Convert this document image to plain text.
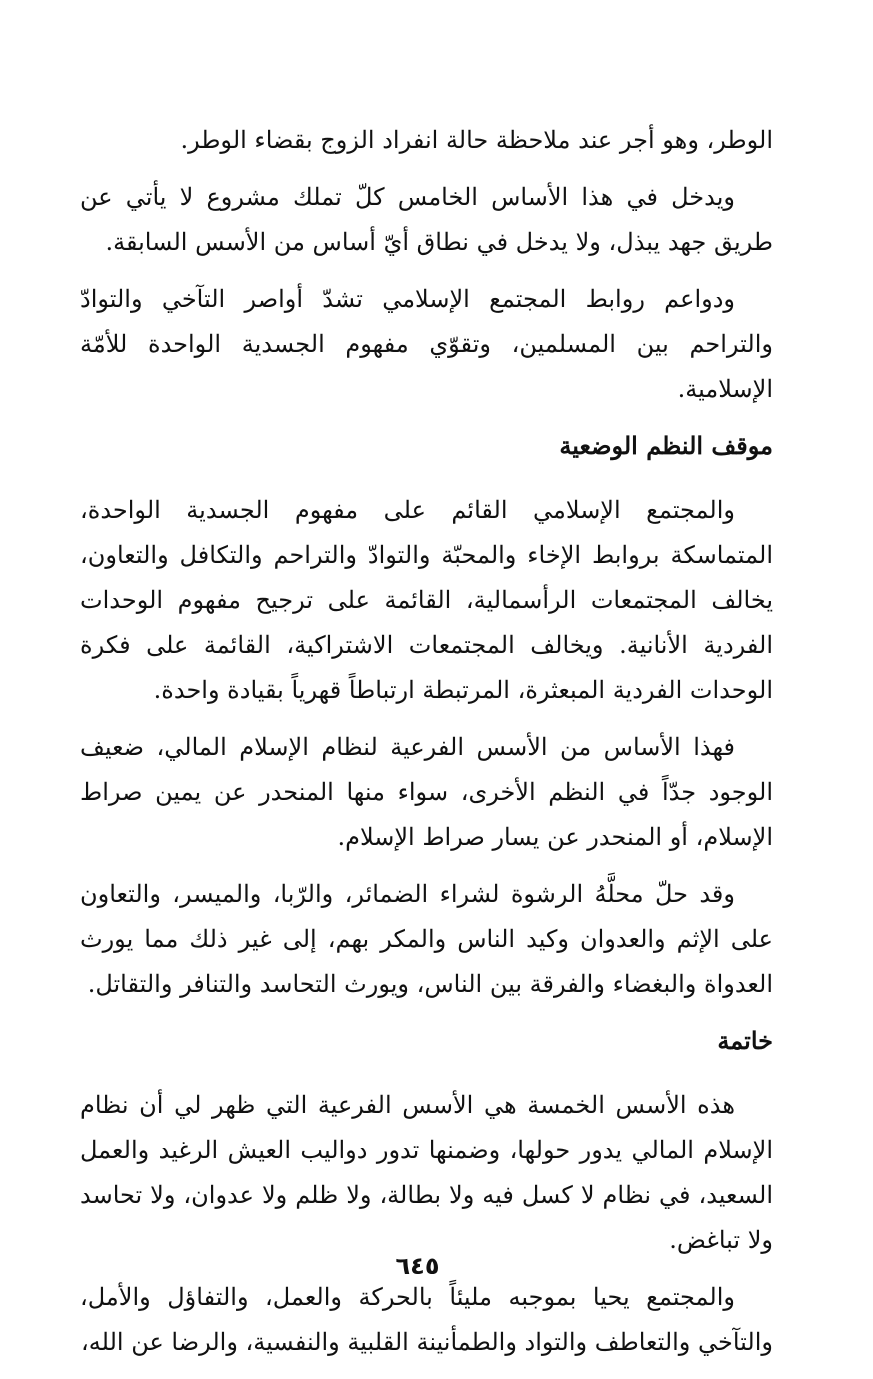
الوطر، وهو أجر عند ملاحظة حالة انفراد الزوج بقضاء الوطر.

ويدخل في هذا الأساس الخامس كلّ تملك مشروع لا يأتي عن طريق جهد يبذل، ولا يدخل في نطاق أيّ أساس من الأسس السابقة.

ودواعم روابط المجتمع الإسلامي تشدّ أواصر التآخي والتوادّ والتراحم بين المسلمين، وتقوّي مفهوم الجسدية الواحدة للأمّة الإسلامية.

موقف النظم الوضعية

والمجتمع الإسلامي القائم على مفهوم الجسدية الواحدة، المتماسكة بروابط الإخاء والمحبّة والتوادّ والتراحم والتكافل والتعاون، يخالف المجتمعات الرأسمالية، القائمة على ترجيح مفهوم الوحدات الفردية الأنانية. ويخالف المجتمعات الاشتراكية، القائمة على فكرة الوحدات الفردية المبعثرة، المرتبطة ارتباطاً قهرياً بقيادة واحدة.

فهذا الأساس من الأسس الفرعية لنظام الإسلام المالي، ضعيف الوجود جدّاً في النظم الأخرى، سواء منها المنحدر عن يمين صراط الإسلام، أو المنحدر عن يسار صراط الإسلام.

وقد حلّ محلَّهُ الرشوة لشراء الضمائر، والرّبا، والميسر، والتعاون على الإثم والعدوان وكيد الناس والمكر بهم، إلى غير ذلك مما يورث العدواة والبغضاء والفرقة بين الناس، ويورث التحاسد والتنافر والتقاتل.

خاتمة

هذه الأسس الخمسة هي الأسس الفرعية التي ظهر لي أن نظام الإسلام المالي يدور حولها، وضمنها تدور دواليب العيش الرغيد والعمل السعيد، في نظام لا كسل فيه ولا بطالة، ولا ظلم ولا عدوان، ولا تحاسد ولا تباغض.

والمجتمع يحيا بموجبه مليئاً بالحركة والعمل، والتفاؤل والأمل، والتآخي والتعاطف والتواد والطمأنينة القلبية والنفسية، والرضا عن الله،

٦٤٥
